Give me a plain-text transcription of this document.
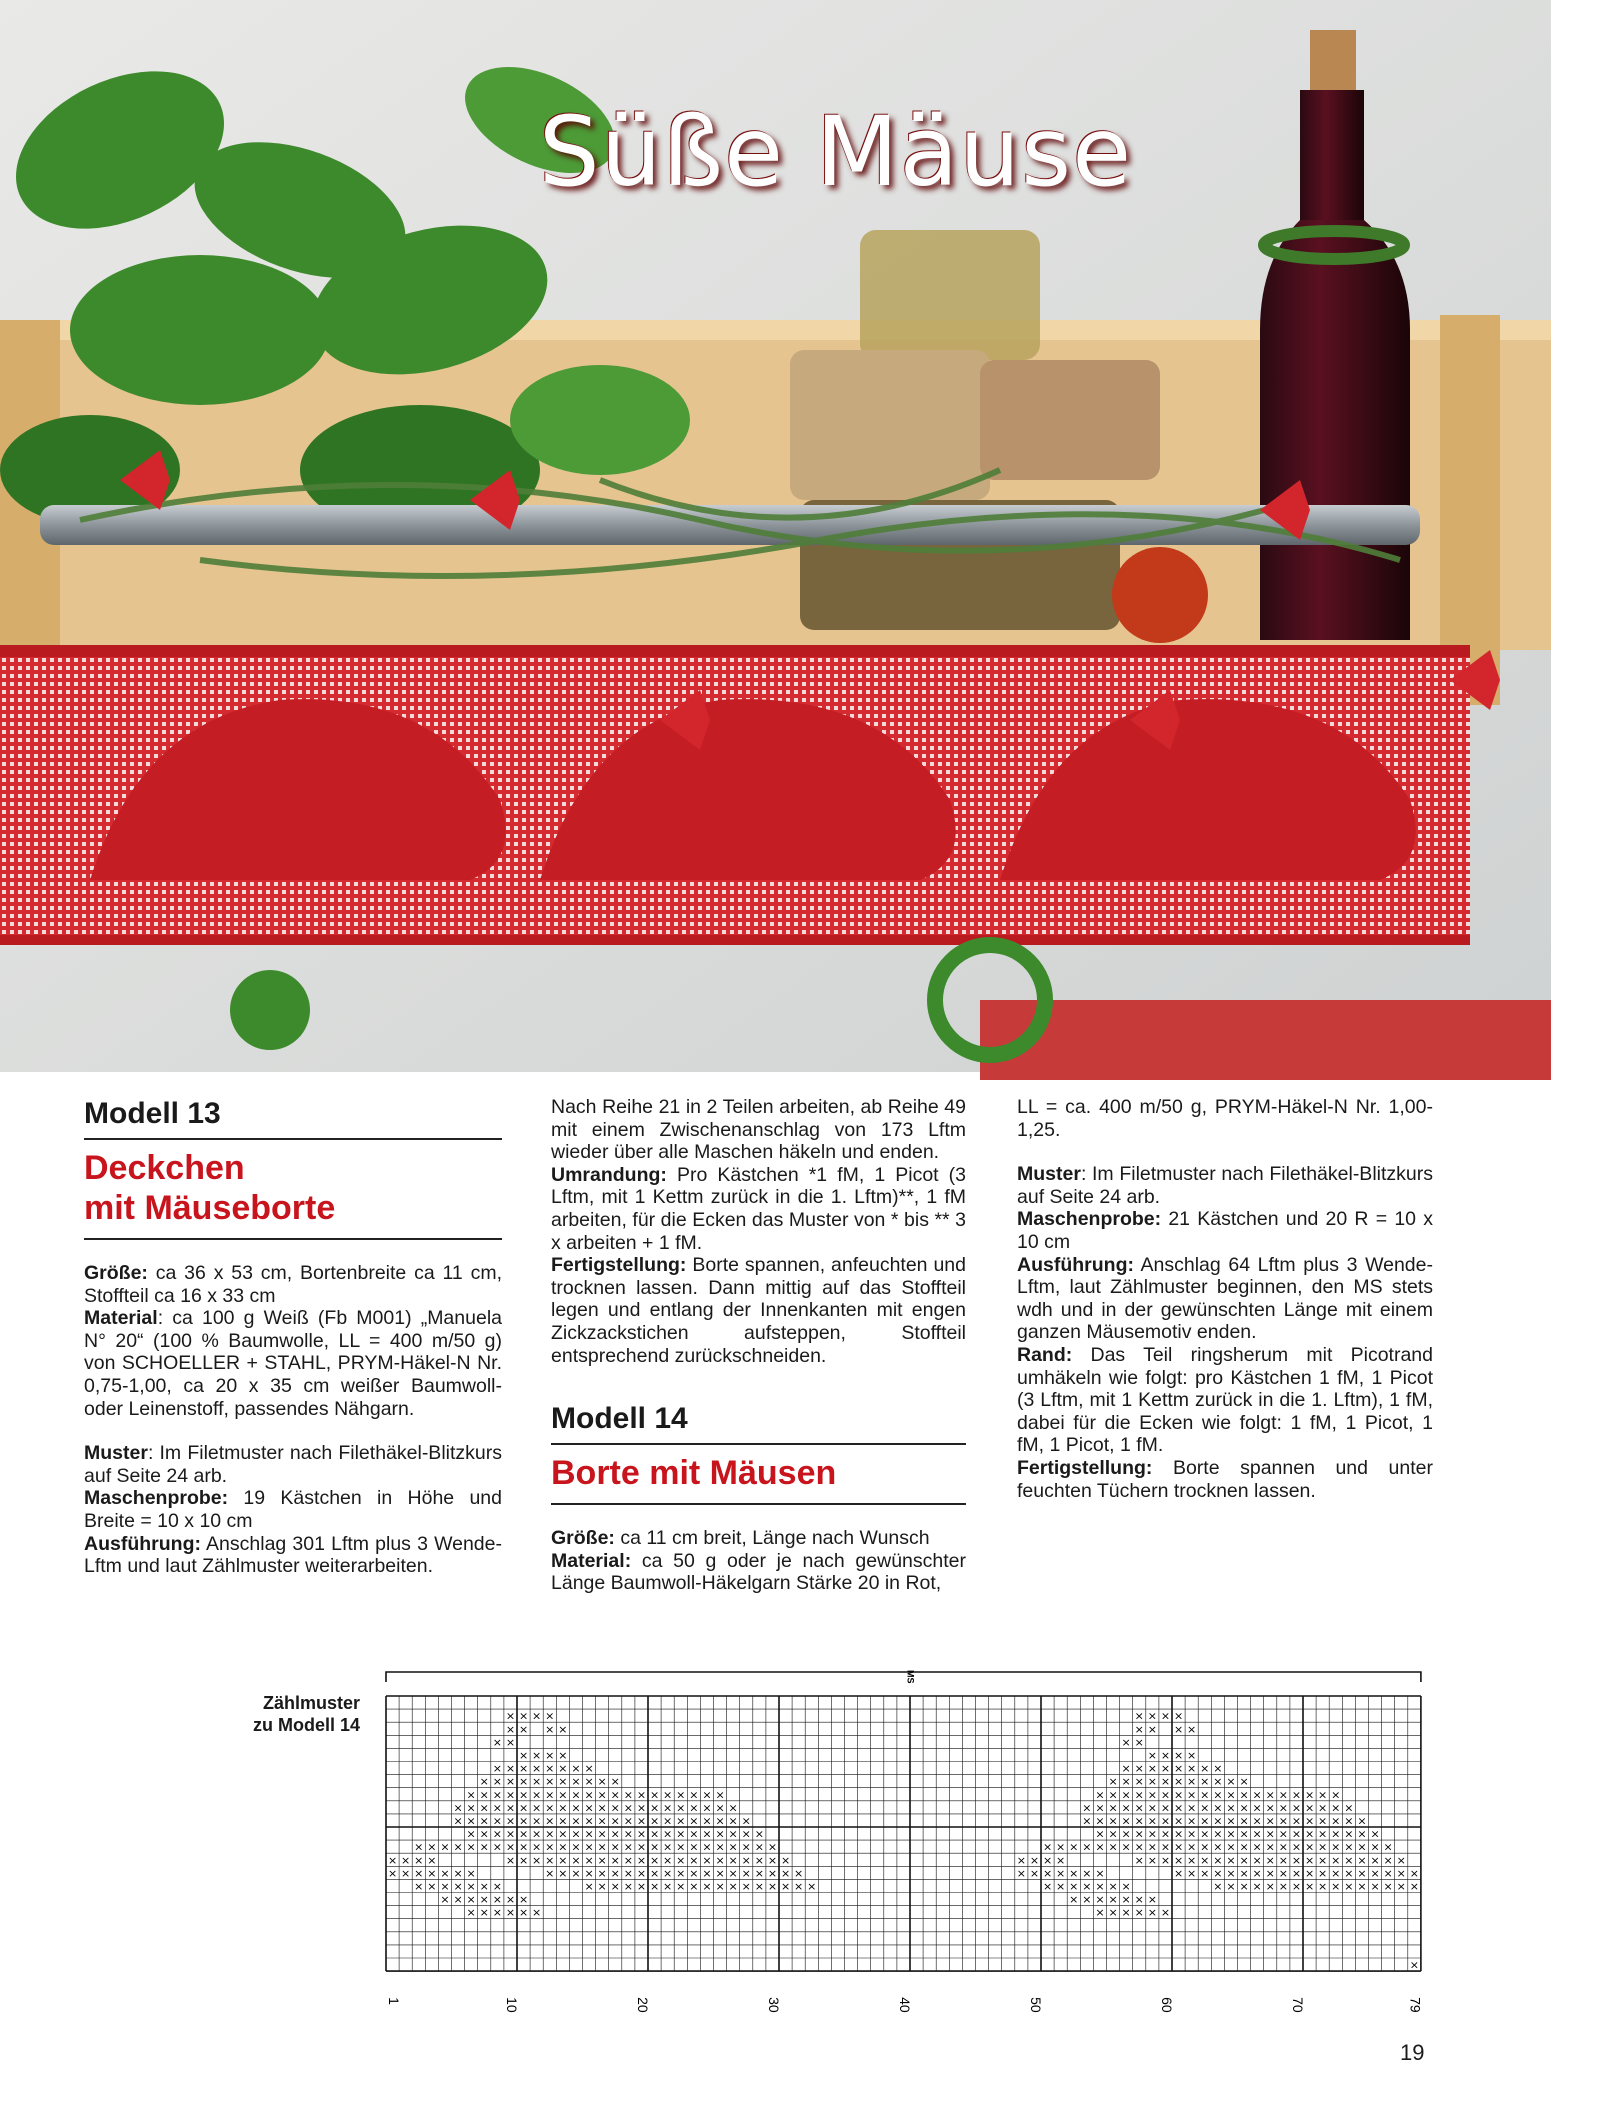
Süße Mäuse
Modell 13
Deckchen
mit Mäuseborte

Größe: ca 36 x 53 cm, Bortenbreite ca 11 cm, Stoffteil ca 16 x 33 cm

Material: ca 100 g Weiß (Fb M001) „Manuela N° 20“ (100 % Baumwolle, LL = 400 m/50 g) von SCHOELLER + STAHL, PRYM-Häkel-N Nr. 0,75-1,00, ca 20 x 35 cm weißer Baumwoll- oder Leinenstoff, passendes Nähgarn.

Muster: Im Filetmuster nach Filethäkel-Blitzkurs auf Seite 24 arb.

Maschenprobe: 19 Kästchen in Höhe und Breite = 10 x 10 cm

Ausführung: Anschlag 301 Lftm plus 3 Wende-Lftm und laut Zählmuster weiterarbeiten.

Nach Reihe 21 in 2 Teilen arbeiten, ab Reihe 49 mit einem Zwischenanschlag von 173 Lftm wieder über alle Maschen häkeln und enden.

Umrandung: Pro Kästchen *1 fM, 1 Picot (3 Lftm, mit 1 Kettm zurück in die 1. Lftm)**, 1 fM arbeiten, für die Ecken das Muster von * bis ** 3 x arbeiten + 1 fM.

Fertigstellung: Borte spannen, anfeuchten und trocknen lassen. Dann mittig auf das Stoffteil legen und entlang der Innenkanten mit engen Zickzackstichen aufsteppen, Stoffteil entsprechend zurückschneiden.

Modell 14
Borte mit Mäusen

Größe: ca 11 cm breit, Länge nach Wunsch

Material: ca 50 g oder je nach gewünschter Länge Baumwoll-Häkelgarn Stärke 20 in Rot,

LL = ca. 400 m/50 g, PRYM-Häkel-N Nr. 1,00-1,25.

Muster: Im Filetmuster nach Filethäkel-Blitzkurs auf Seite 24 arb.

Maschenprobe: 21 Kästchen und 20 R = 10 x 10 cm

Ausführung: Anschlag 64 Lftm plus 3 Wende-Lftm, laut Zählmuster beginnen, den MS stets wdh und in der gewünschten Länge mit einem ganzen Mäusemotiv enden.

Rand: Das Teil ringsherum mit Picotrand umhäkeln wie folgt: pro Kästchen 1 fM, 1 Picot (3 Lftm, mit 1 Kettm zurück in die 1. Lftm), 1 fM, dabei für die Ecken wie folgt: 1 fM, 1 Picot, 1 fM, 1 Picot, 1 fM.

Fertigstellung: Borte spannen und unter feuchten Tüchern trocknen lassen.

Zählmuster
zu Modell 14
MS
× × × ×
× × × × × × × ×
× × × × × × × × × × ×
× × × × × × × × × × × × ×
× × × × × × × × × × × × × × ×
× × × × × × × × × × × × × × × ×
× × × × × × × × × × × × × × ×
× × × × × × × × × × × × × ×
× × × × × × × × × × × × ×
× × × × × × × × ×
× × × × ×
× × × ×
× ×
× ×
× ×
× × × × ×
× × × ×
× × × × × × ×
× × × × × × ×
× × × × × × ×
× × × × × ×
× × × ×
× × × × × × × ×
× × × × × × × × × × ×
× × × × × × × × × × × × ×
× × × × × × × × × × × × × × ×
× × × × × × × × × × × × × × × ×
× × × × × × × × × × × × × × ×
× × × × × × × × × × × × × ×
× × × × × × × × × × × × ×
× × × × × × × × ×
× × × × ×
× × × ×
× ×
× ×
× ×
× × × × ×
× × × ×
× × × × × × ×
× × × × × × ×
× × × × × × ×
× × × × × ×
× × × × × × ×
× × × × × × ×
× × × × × × ×
× × × × × × × ×
× × × × × × × × ×
× × × × × × × × ×
× × × × × × × × × × ×
× × × × × × × × × × × × ×
× × × × × ×
× × × × × ×
× × × × × ×
× × × × × × ×
× × × × × × × ×
× × × × × × × ×
× × × × × × × × × ×
× × × × × × × × × × ×
×
1	10	20	30	40	50	60	70	79
19
